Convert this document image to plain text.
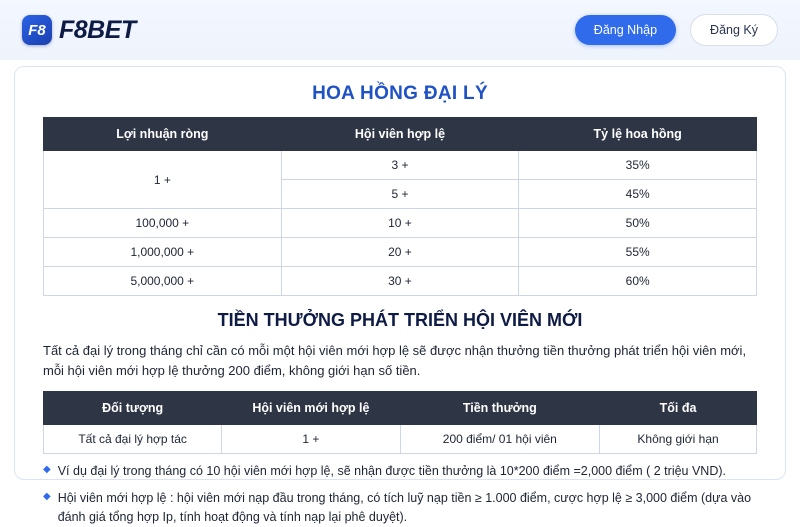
F8 F8BET	Đăng Nhập	Đăng Ký
HOA HỒNG ĐẠI LÝ
Lợi nhuận ròng	Hội viên hợp lệ	Tỷ lệ hoa hồng
1 +	3 +	35%
	5 +	45%
100,000 +	10 +	50%
1,000,000 +	20 +	55%
5,000,000 +	30 +	60%
TIỀN THƯỞNG PHÁT TRIỂN HỘI VIÊN MỚI
Tất cả đại lý trong tháng chỉ cần có mỗi một hội viên mới hợp lệ sẽ được nhận thưởng tiền thưởng phát triển hội viên mới, mỗi hội viên mới hợp lệ thưởng 200 điểm, không giới hạn số tiền.
Đối tượng	Hội viên mới hợp lệ	Tiền thưởng	Tối đa
Tất cả đại lý hợp tác	1 +	200 điểm/ 01 hội viên	Không giới hạn
◆ Ví dụ đại lý trong tháng có 10 hội viên mới hợp lệ, sẽ nhận được tiền thưởng là 10*200 điểm =2,000 điểm ( 2 triệu VND).
◆ Hội viên mới hợp lệ : hội viên mới nạp đầu trong tháng, có tích luỹ nạp tiền ≥ 1.000 điểm, cược hợp lệ ≥ 3,000 điểm (dựa vào đánh giá tổng hợp Ip, tính hoạt động và tính nạp lại phê duyệt).
